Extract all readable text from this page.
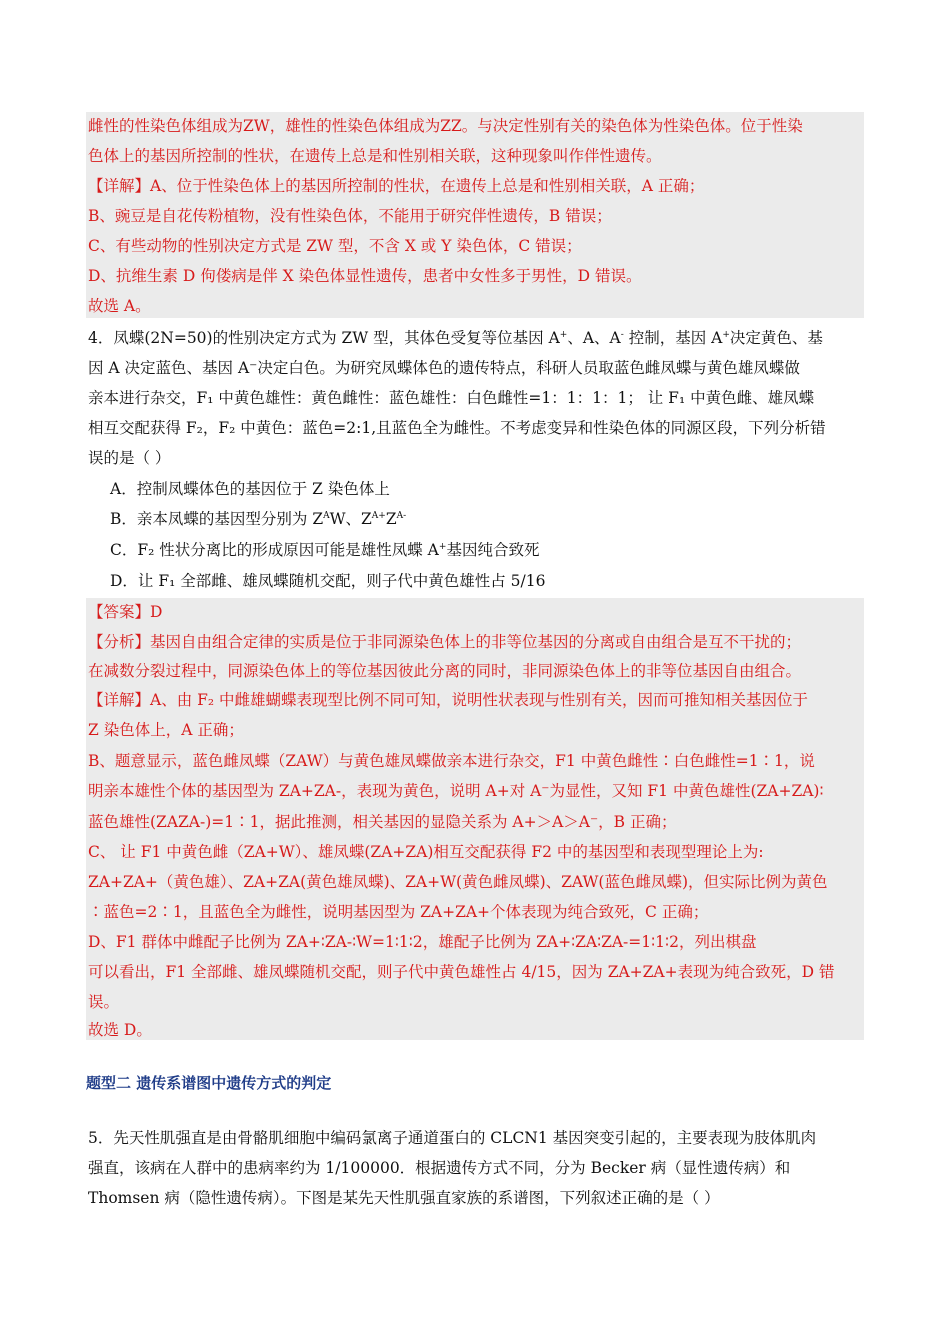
雌性的性染色体组成为ZW，雄性的性染色体组成为ZZ。与决定性别有关的染色体为性染色体。位于性染
色体上的基因所控制的性状，在遗传上总是和性别相关联，这种现象叫作伴性遗传。
【详解】A、位于性染色体上的基因所控制的性状，在遗传上总是和性别相关联，A 正确；
B、豌豆是自花传粉植物，没有性染色体，不能用于研究伴性遗传，B 错误；
C、有些动物的性别决定方式是 ZW 型，不含 X 或 Y 染色体，C 错误；
D、抗维生素 D 佝偻病是伴 X 染色体显性遗传，患者中女性多于男性，D 错误。
故选 A。
4．凤蝶(2N=50)的性别决定方式为 ZW 型，其体色受复等位基因 A+、A、A- 控制，基因 A+决定黄色、基
因 A 决定蓝色、基因 A⁻决定白色。为研究凤蝶体色的遗传特点，科研人员取蓝色雌凤蝶与黄色雄凤蝶做
亲本进行杂交，F₁ 中黄色雄性：黄色雌性：蓝色雄性：白色雌性=1：1：1：1； 让 F₁ 中黄色雌、雄凤蝶
相互交配获得 F₂，F₂ 中黄色：蓝色=2:1,且蓝色全为雌性。不考虑变异和性染色体的同源区段，下列分析错
误的是（ ）
A．控制凤蝶体色的基因位于 Z 染色体上
B．亲本凤蝶的基因型分别为 $Z^AW$、$Z^{A+}Z^{A-}$
C．F₂ 性状分离比的形成原因可能是雄性凤蝶 A+基因纯合致死
D．让 F₁ 全部雌、雄凤蝶随机交配，则子代中黄色雄性占 5/16
【答案】D
【分析】基因自由组合定律的实质是位于非同源染色体上的非等位基因的分离或自由组合是互不干扰的；
在减数分裂过程中，同源染色体上的等位基因彼此分离的同时，非同源染色体上的非等位基因自由组合。
【详解】A、由 F₂ 中雌雄蝴蝶表现型比例不同可知，说明性状表现与性别有关，因而可推知相关基因位于
Z 染色体上，A 正确；
B、题意显示，蓝色雌凤蝶（ZAW）与黄色雄凤蝶做亲本进行杂交，F1 中黄色雌性∶白色雌性=1∶1，说
明亲本雄性个体的基因型为 ZA+ZA-，表现为黄色，说明 A+对 A⁻为显性，又知 F1 中黄色雄性(ZA+ZA)∶
蓝色雄性(ZAZA-)=1∶1，据此推测，相关基因的显隐关系为 A+＞A＞A⁻，B 正确；
C、 让 F1 中黄色雌（ZA+W）、雄凤蝶(ZA+ZA)相互交配获得 F2 中的基因型和表现型理论上为:
ZA+ZA+（黄色雄）、ZA+ZA(黄色雄凤蝶)、ZA+W(黄色雌凤蝶)、ZAW(蓝色雌凤蝶)，但实际比例为黄色
∶蓝色=2∶1，且蓝色全为雌性，说明基因型为 ZA+ZA+个体表现为纯合致死，C 正确；
D、F1 群体中雌配子比例为 ZA+∶ZA-∶W=1∶1∶2，雄配子比例为 ZA+∶ZA∶ZA-=1∶1∶2，列出棋盘
可以看出，F1 全部雌、雄凤蝶随机交配，则子代中黄色雄性占 4/15，因为 ZA+ZA+表现为纯合致死，D 错
误。
故选 D。
题型二 遗传系谱图中遗传方式的判定
5．先天性肌强直是由骨骼肌细胞中编码氯离子通道蛋白的 CLCN1 基因突变引起的，主要表现为肢体肌肉
强直，该病在人群中的患病率约为 1/100000．根据遗传方式不同，分为 Becker 病（显性遗传病）和
Thomsen 病（隐性遗传病）。下图是某先天性肌强直家族的系谱图，下列叙述正确的是（ ）
